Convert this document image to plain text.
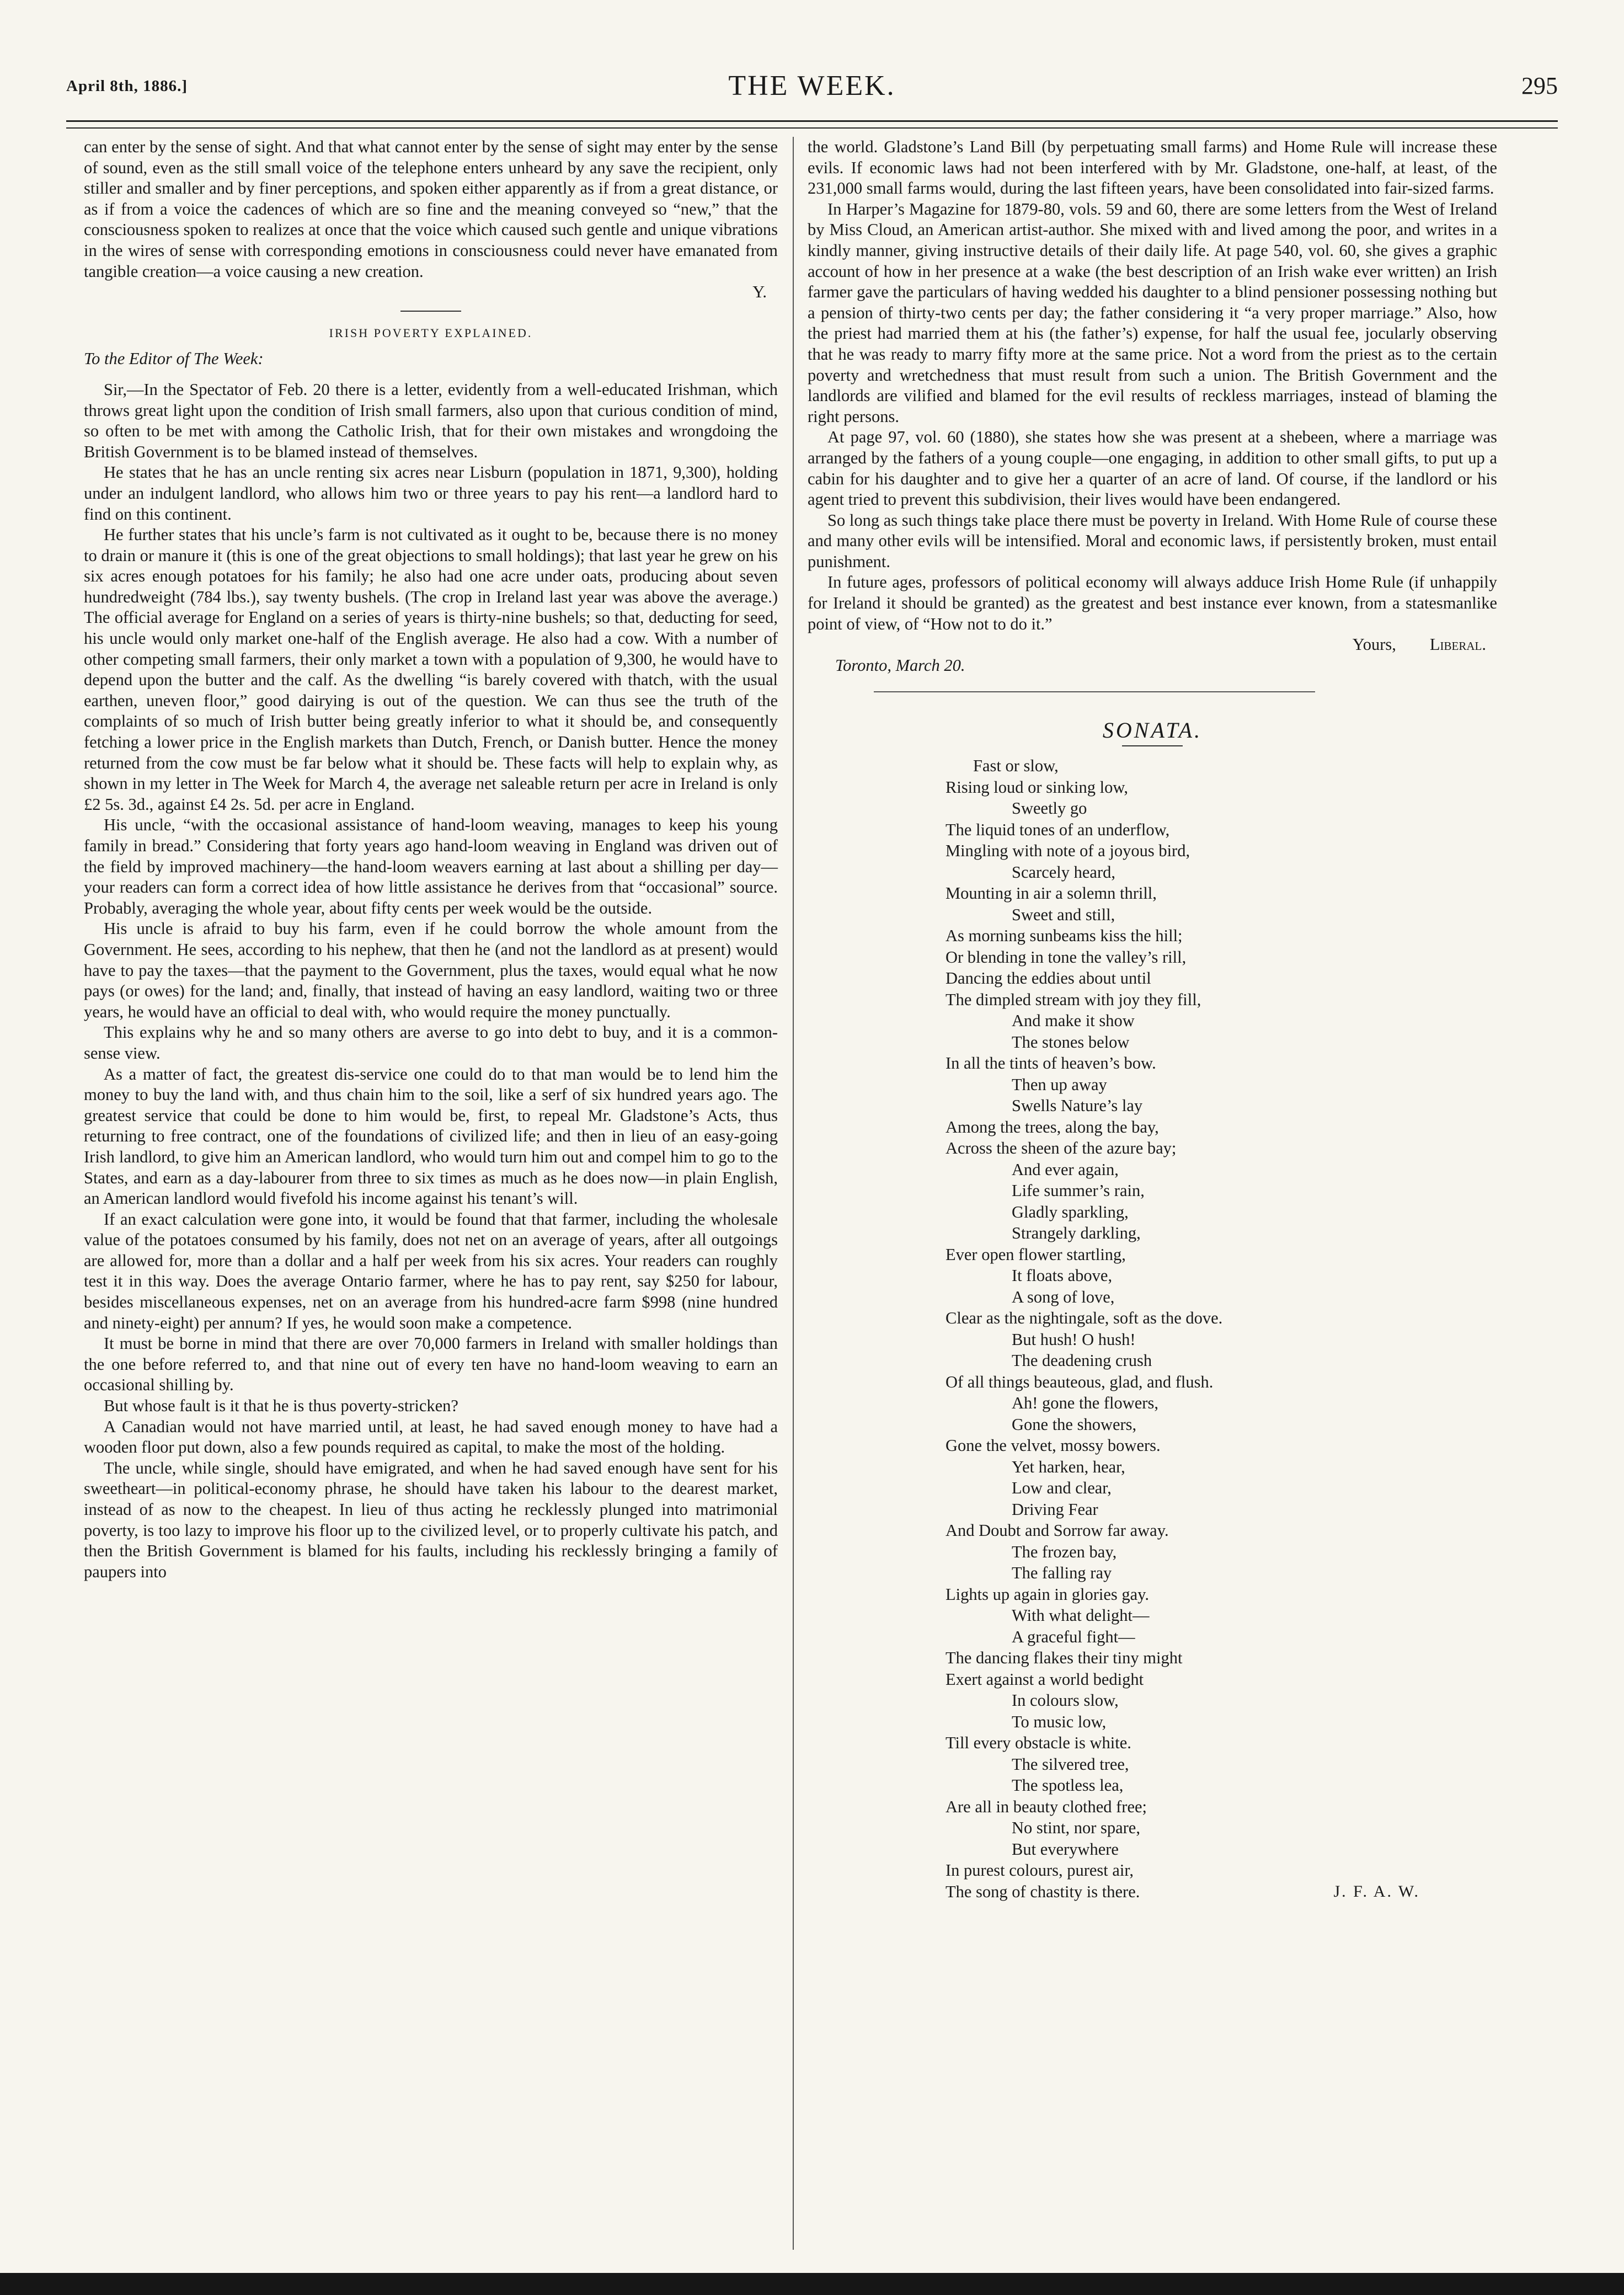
April 8th, 1886.]	THE WEEK.	295

can enter by the sense of sight. And that what cannot enter by the sense of sight may enter by the sense of sound, even as the still small voice of the telephone enters unheard by any save the recipient, only stiller and smaller and by finer perceptions, and spoken either apparently as if from a great distance, or as if from a voice the cadences of which are so fine and the meaning conveyed so “new,” that the consciousness spoken to realizes at once that the voice which caused such gentle and unique vibrations in the wires of sense with corresponding emotions in consciousness could never have emanated from tangible creation—a voice causing a new creation.

Y.

IRISH POVERTY EXPLAINED.
To the Editor of The Week:

Sir,—In the Spectator of Feb. 20 there is a letter, evidently from a well-educated Irishman, which throws great light upon the condition of Irish small farmers, also upon that curious condition of mind, so often to be met with among the Catholic Irish, that for their own mistakes and wrongdoing the British Government is to be blamed instead of themselves.

He states that he has an uncle renting six acres near Lisburn (population in 1871, 9,300), holding under an indulgent landlord, who allows him two or three years to pay his rent—a landlord hard to find on this continent.

He further states that his uncle’s farm is not cultivated as it ought to be, because there is no money to drain or manure it (this is one of the great objections to small holdings); that last year he grew on his six acres enough potatoes for his family; he also had one acre under oats, producing about seven hundredweight (784 lbs.), say twenty bushels. (The crop in Ireland last year was above the average.) The official average for England on a series of years is thirty-nine bushels; so that, deducting for seed, his uncle would only market one-half of the English average. He also had a cow. With a number of other competing small farmers, their only market a town with a population of 9,300, he would have to depend upon the butter and the calf. As the dwelling “is barely covered with thatch, with the usual earthen, uneven floor,” good dairying is out of the question. We can thus see the truth of the complaints of so much of Irish butter being greatly inferior to what it should be, and consequently fetching a lower price in the English markets than Dutch, French, or Danish butter. Hence the money returned from the cow must be far below what it should be. These facts will help to explain why, as shown in my letter in The Week for March 4, the average net saleable return per acre in Ireland is only £2 5s. 3d., against £4 2s. 5d. per acre in England.

His uncle, “with the occasional assistance of hand-loom weaving, manages to keep his young family in bread.” Considering that forty years ago hand-loom weaving in England was driven out of the field by improved machinery—the hand-loom weavers earning at last about a shilling per day—your readers can form a correct idea of how little assistance he derives from that “occasional” source. Probably, averaging the whole year, about fifty cents per week would be the outside.

His uncle is afraid to buy his farm, even if he could borrow the whole amount from the Government. He sees, according to his nephew, that then he (and not the landlord as at present) would have to pay the taxes—that the payment to the Government, plus the taxes, would equal what he now pays (or owes) for the land; and, finally, that instead of having an easy landlord, waiting two or three years, he would have an official to deal with, who would require the money punctually.

This explains why he and so many others are averse to go into debt to buy, and it is a common-sense view.

As a matter of fact, the greatest dis-service one could do to that man would be to lend him the money to buy the land with, and thus chain him to the soil, like a serf of six hundred years ago. The greatest service that could be done to him would be, first, to repeal Mr. Gladstone’s Acts, thus returning to free contract, one of the foundations of civilized life; and then in lieu of an easy-going Irish landlord, to give him an American landlord, who would turn him out and compel him to go to the States, and earn as a day-labourer from three to six times as much as he does now—in plain English, an American landlord would fivefold his income against his tenant’s will.

If an exact calculation were gone into, it would be found that that farmer, including the wholesale value of the potatoes consumed by his family, does not net on an average of years, after all outgoings are allowed for, more than a dollar and a half per week from his six acres. Your readers can roughly test it in this way. Does the average Ontario farmer, where he has to pay rent, say $250 for labour, besides miscellaneous expenses, net on an average from his hundred-acre farm $998 (nine hundred and ninety-eight) per annum? If yes, he would soon make a competence.

It must be borne in mind that there are over 70,000 farmers in Ireland with smaller holdings than the one before referred to, and that nine out of every ten have no hand-loom weaving to earn an occasional shilling by.

But whose fault is it that he is thus poverty-stricken?

A Canadian would not have married until, at least, he had saved enough money to have had a wooden floor put down, also a few pounds required as capital, to make the most of the holding.

The uncle, while single, should have emigrated, and when he had saved enough have sent for his sweetheart—in political-economy phrase, he should have taken his labour to the dearest market, instead of as now to the cheapest. In lieu of thus acting he recklessly plunged into matrimonial poverty, is too lazy to improve his floor up to the civilized level, or to properly cultivate his patch, and then the British Government is blamed for his faults, including his recklessly bringing a family of paupers into

the world. Gladstone’s Land Bill (by perpetuating small farms) and Home Rule will increase these evils. If economic laws had not been interfered with by Mr. Gladstone, one-half, at least, of the 231,000 small farms would, during the last fifteen years, have been consolidated into fair-sized farms.

In Harper’s Magazine for 1879-80, vols. 59 and 60, there are some letters from the West of Ireland by Miss Cloud, an American artist-author. She mixed with and lived among the poor, and writes in a kindly manner, giving instructive details of their daily life. At page 540, vol. 60, she gives a graphic account of how in her presence at a wake (the best description of an Irish wake ever written) an Irish farmer gave the particulars of having wedded his daughter to a blind pensioner possessing nothing but a pension of thirty-two cents per day; the father considering it “a very proper marriage.” Also, how the priest had married them at his (the father’s) expense, for half the usual fee, jocularly observing that he was ready to marry fifty more at the same price. Not a word from the priest as to the certain poverty and wretchedness that must result from such a union. The British Government and the landlords are vilified and blamed for the evil results of reckless marriages, instead of blaming the right persons.

At page 97, vol. 60 (1880), she states how she was present at a shebeen, where a marriage was arranged by the fathers of a young couple—one engaging, in addition to other small gifts, to put up a cabin for his daughter and to give her a quarter of an acre of land. Of course, if the landlord or his agent tried to prevent this subdivision, their lives would have been endangered.

So long as such things take place there must be poverty in Ireland. With Home Rule of course these and many other evils will be intensified. Moral and economic laws, if persistently broken, must entail punishment.

In future ages, professors of political economy will always adduce Irish Home Rule (if unhappily for Ireland it should be granted) as the greatest and best instance ever known, from a statesmanlike point of view, of “How not to do it.”

Yours, Liberal.
Toronto, March 20.
SONATA.
Fast or slow,
Rising loud or sinking low,
Sweetly go
The liquid tones of an underflow,
Mingling with note of a joyous bird,
Scarcely heard,
Mounting in air a solemn thrill,
Sweet and still,
As morning sunbeams kiss the hill;
Or blending in tone the valley’s rill,
Dancing the eddies about until
The dimpled stream with joy they fill,
And make it show
The stones below
In all the tints of heaven’s bow.
Then up away
Swells Nature’s lay
Among the trees, along the bay,
Across the sheen of the azure bay;
And ever again,
Life summer’s rain,
Gladly sparkling,
Strangely darkling,
Ever open flower startling,
It floats above,
A song of love,
Clear as the nightingale, soft as the dove.
But hush! O hush!
The deadening crush
Of all things beauteous, glad, and flush.
Ah! gone the flowers,
Gone the showers,
Gone the velvet, mossy bowers.
Yet harken, hear,
Low and clear,
Driving Fear
And Doubt and Sorrow far away.
The frozen bay,
The falling ray
Lights up again in glories gay.
With what delight—
A graceful fight—
The dancing flakes their tiny might
Exert against a world bedight
In colours slow,
To music low,
Till every obstacle is white.
The silvered tree,
The spotless lea,
Are all in beauty clothed free;
No stint, nor spare,
But everywhere
In purest colours, purest air,
The song of chastity is there.	J. F. A. W.
